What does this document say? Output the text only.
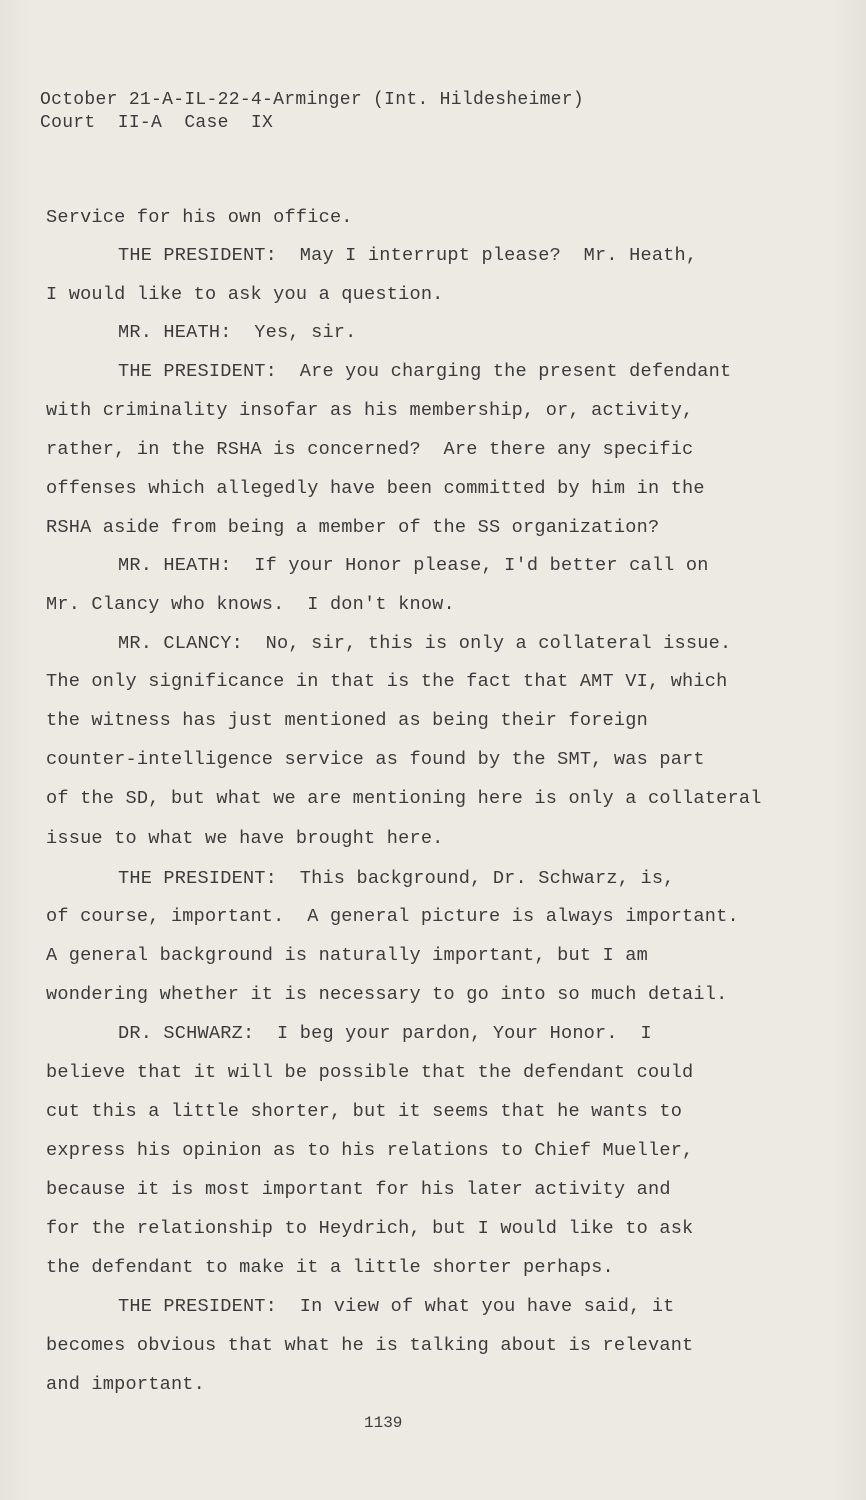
October 21-A-IL-22-4-Arminger (Int. Hildesheimer)
Court  II-A  Case  IX
Service for his own office.
THE PRESIDENT:  May I interrupt please?  Mr. Heath,
I would like to ask you a question.
MR. HEATH:  Yes, sir.
THE PRESIDENT:  Are you charging the present defendant
with criminality insofar as his membership, or, activity,
rather, in the RSHA is concerned?  Are there any specific
offenses which allegedly have been committed by him in the
RSHA aside from being a member of the SS organization?
MR. HEATH:  If your Honor please, I'd better call on
Mr. Clancy who knows.  I don't know.
MR. CLANCY:  No, sir, this is only a collateral issue.
The only significance in that is the fact that AMT VI, which
the witness has just mentioned as being their foreign
counter-intelligence service as found by the SMT, was part
of the SD, but what we are mentioning here is only a collateral
issue to what we have brought here.
THE PRESIDENT:  This background, Dr. Schwarz, is,
of course, important.  A general picture is always important.
A general background is naturally important, but I am
wondering whether it is necessary to go into so much detail.
DR. SCHWARZ:  I beg your pardon, Your Honor.  I
believe that it will be possible that the defendant could
cut this a little shorter, but it seems that he wants to
express his opinion as to his relations to Chief Mueller,
because it is most important for his later activity and
for the relationship to Heydrich, but I would like to ask
the defendant to make it a little shorter perhaps.
THE PRESIDENT:  In view of what you have said, it
becomes obvious that what he is talking about is relevant
and important.
1139
